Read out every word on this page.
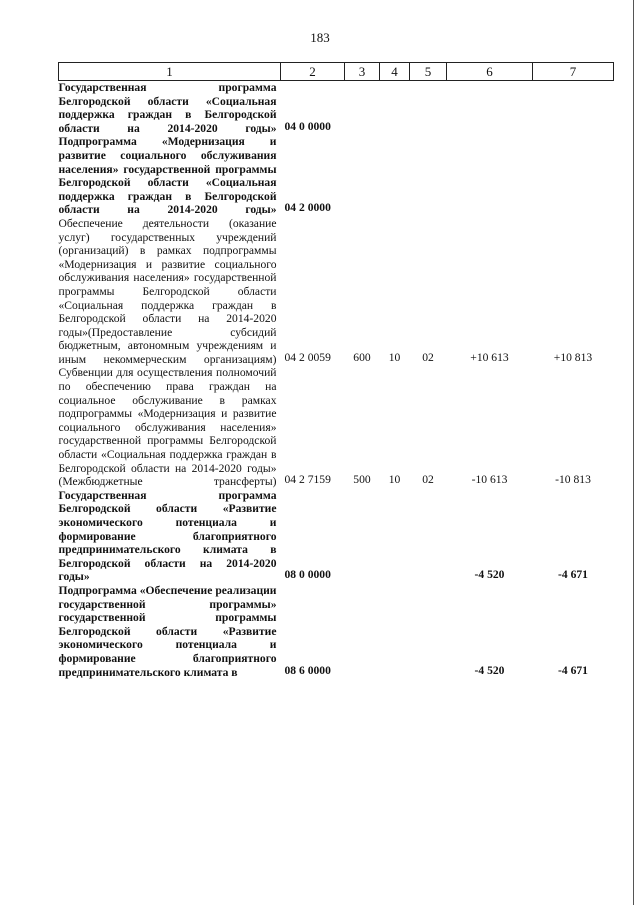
183
1	2	3	4	5	6	7

Государственная программа Белгородской области «Социальная поддержка граждан в Белгородской области на 2014-2020 годы»	04 0 0000					

Подпрограмма «Модернизация и развитие социального обслуживания населения» государственной программы Белгородской области «Социальная поддержка граждан в Белгородской области на 2014-2020 годы»	04 2 0000					

Обеспечение деятельности (оказание услуг) государственных учреждений (организаций) в рамках подпрограммы «Модернизация и развитие социального обслуживания населения» государственной программы Белгородской области «Социальная поддержка граждан в Белгородской области на 2014-2020 годы»(Предоставление субсидий бюджетным, автономным учреждениям и иным некоммерческим организациям)	04 2 0059	600	10	02	+10 613	+10 813

Субвенции для осуществления полномочий по обеспечению права граждан на социальное обслуживание в рамках подпрограммы «Модернизация и развитие социального обслуживания населения» государственной программы Белгородской области «Социальная поддержка граждан в Белгородской области на 2014-2020 годы» (Межбюджетные трансферты)	04 2 7159	500	10	02	-10 613	-10 813

Государственная программа Белгородской области «Развитие экономического потенциала и формирование благоприятного предпринимательского климата в Белгородской области на 2014-2020 годы»	08 0 0000				-4 520	-4 671
Подпрограмма «Обеспечение реализации государственной программы» государственной программы Белгородской области «Развитие экономического потенциала и формирование благоприятного предпринимательского климата в	08 6 0000				-4 520	-4 671
